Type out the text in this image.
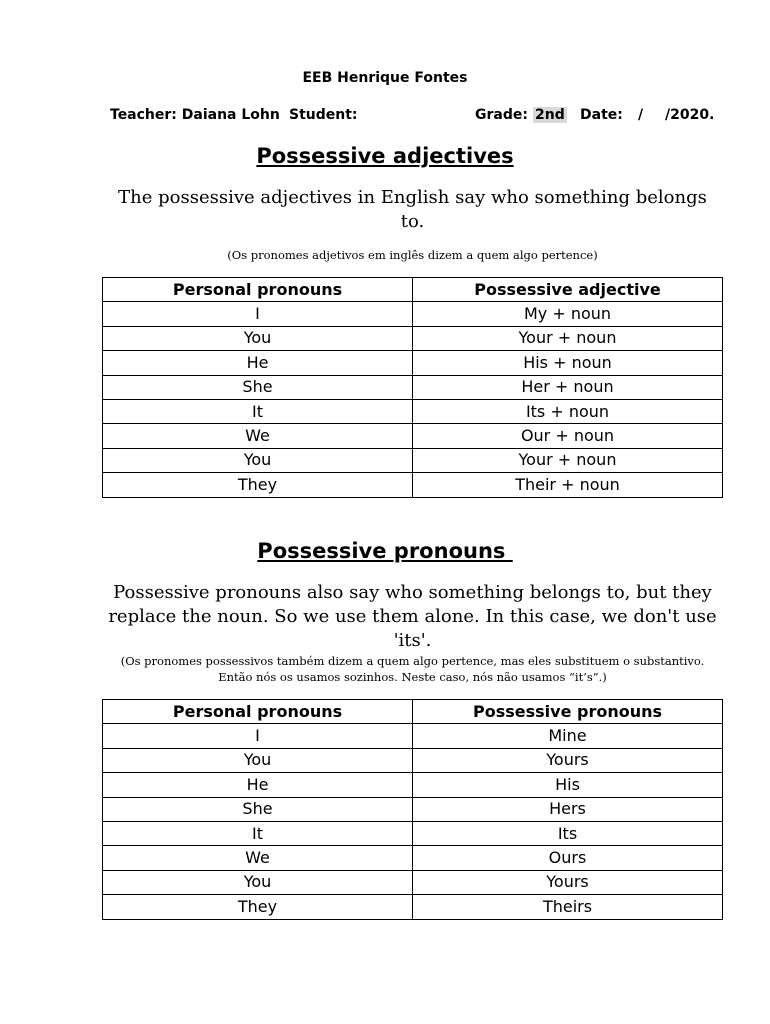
EEB Henrique Fontes
Teacher: Daiana Lohn Student:	Grade: 2nd Date: / /2020.
Possessive adjectives
The possessive adjectives in English say who something belongs to.
(Os pronomes adjetivos em inglês dizem a quem algo pertence)
Personal pronouns	Possessive adjective
I	My + noun
You	Your + noun
He	His + noun
She	Her + noun
It	Its + noun
We	Our + noun
You	Your + noun
They	Their + noun
Possessive pronouns
Possessive pronouns also say who something belongs to, but they replace the noun. So we use them alone. In this case, we don't use 'its'.
(Os pronomes possessivos também dizem a quem algo pertence, mas eles substituem o substantivo. Então nós os usamos sozinhos. Neste caso, nós não usamos “it’s”.)
Personal pronouns	Possessive pronouns
I	Mine
You	Yours
He	His
She	Hers
It	Its
We	Ours
You	Yours
They	Theirs
